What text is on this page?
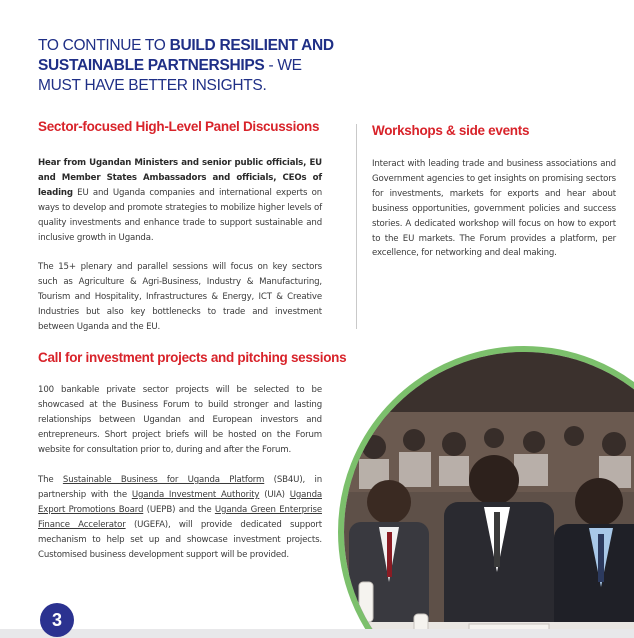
TO CONTINUE TO BUILD RESILIENT AND SUSTAINABLE PARTNERSHIPS - WE MUST HAVE BETTER INSIGHTS.
Sector-focused High-Level Panel Discussions
Hear from Ugandan Ministers and senior public officials, EU and Member States Ambassadors and officials, CEOs of leading EU and Uganda companies and international experts on ways to develop and promote strategies to mobilize higher levels of quality investments and enhance trade to support sustainable and inclusive growth in Uganda.
The 15+ plenary and parallel sessions will focus on key sectors such as Agriculture & Agri-Business, Industry & Manufacturing, Tourism and Hospitality, Infrastructures & Energy, ICT & Creative Industries but also key bottlenecks to trade and investment between Uganda and the EU.
Call for investment projects and pitching sessions
100 bankable private sector projects will be selected to be showcased at the Business Forum to build stronger and lasting relationships between Ugandan and European investors and entrepreneurs. Short project briefs will be hosted on the Forum website for consultation prior to, during and after the Forum.
The Sustainable Business for Uganda Platform (SB4U), in partnership with the Uganda Investment Authority (UIA) Uganda Export Promotions Board (UEPB) and the Uganda Green Enterprise Finance Accelerator (UGEFA), will provide dedicated support mechanism to help set up and showcase investment projects. Customised business development support will be provided.
Workshops & side events
Interact with leading trade and business associations and Government agencies to get insights on promising sectors for investments, markets for exports and hear about business opportunities, government policies and success stories. A dedicated workshop will focus on how to export to the EU markets. The Forum provides a platform, per excellence, for networking and deal making.
3
